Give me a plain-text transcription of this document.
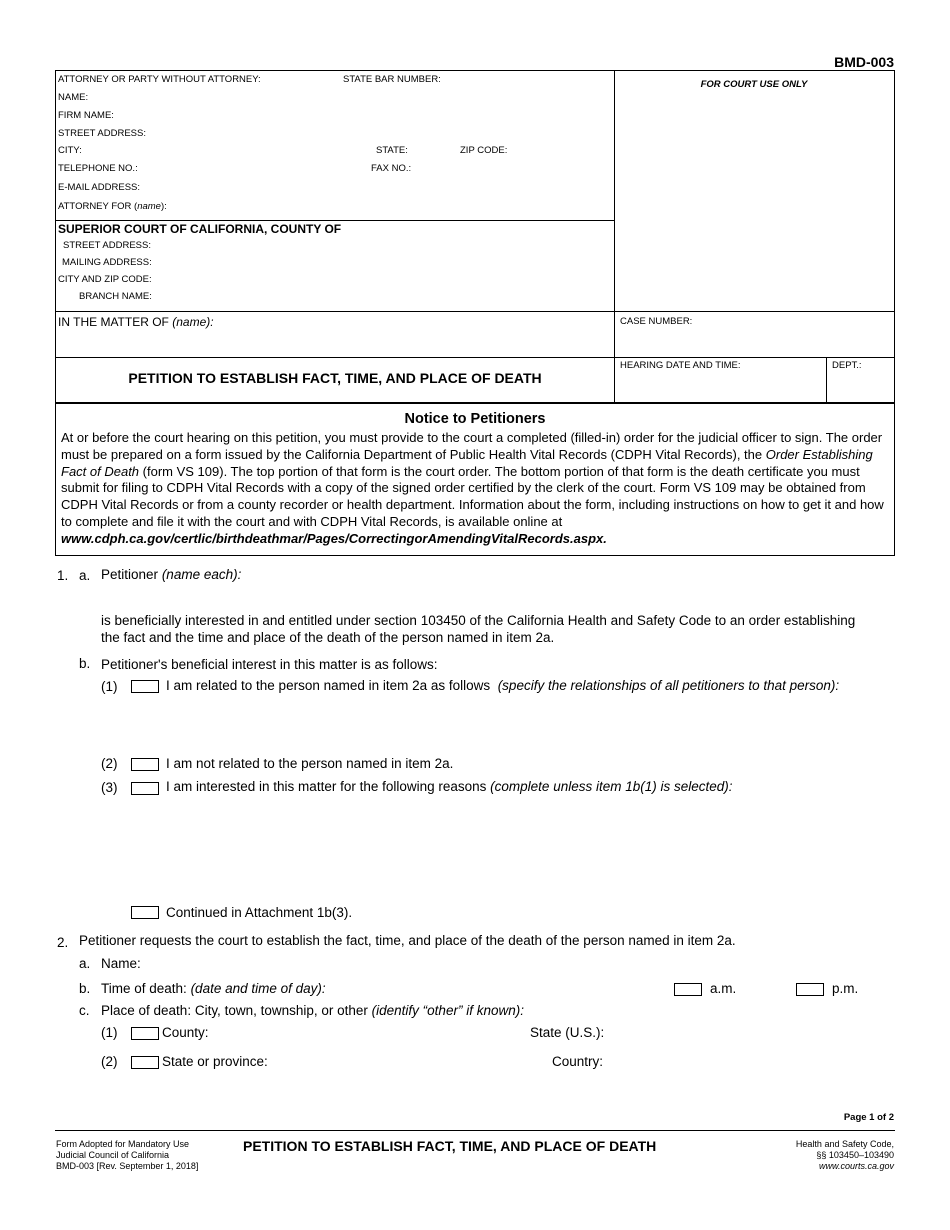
BMD-003
ATTORNEY OR PARTY WITHOUT ATTORNEY:	STATE BAR NUMBER:
NAME:
FIRM NAME:
STREET ADDRESS:
CITY:	STATE:	ZIP CODE:
TELEPHONE NO.:	FAX NO.:
E-MAIL ADDRESS:
ATTORNEY FOR (name):
FOR COURT USE ONLY
SUPERIOR COURT OF CALIFORNIA, COUNTY OF
STREET ADDRESS:
MAILING ADDRESS:
CITY AND ZIP CODE:
BRANCH NAME:
IN THE MATTER OF (name):	CASE NUMBER:
HEARING DATE AND TIME:	DEPT.:
PETITION TO ESTABLISH FACT, TIME, AND PLACE OF DEATH
Notice to Petitioners
At or before the court hearing on this petition, you must provide to the court a completed (filled-in) order for the judicial officer to sign. The order must be prepared on a form issued by the California Department of Public Health Vital Records (CDPH Vital Records), the Order Establishing Fact of Death (form VS 109). The top portion of that form is the court order. The bottom portion of that form is the death certificate you must submit for filing to CDPH Vital Records with a copy of the signed order certified by the clerk of the court. Form VS 109 may be obtained from CDPH Vital Records or from a county recorder or health department. Information about the form, including instructions on how to get it and how to complete and file it with the court and with CDPH Vital Records, is available online at www.cdph.ca.gov/certlic/birthdeathmar/Pages/CorrectingorAmendingVitalRecords.aspx.
1. a. Petitioner (name each):
is beneficially interested in and entitled under section 103450 of the California Health and Safety Code to an order establishing
the fact and the time and place of the death of the person named in item 2a.
b. Petitioner's beneficial interest in this matter is as follows:
(1)	I am related to the person named in item 2a as follows (specify the relationships of all petitioners to that person):
(2)	I am not related to the person named in item 2a.
(3)	I am interested in this matter for the following reasons (complete unless item 1b(1) is selected):
Continued in Attachment 1b(3).
2. Petitioner requests the court to establish the fact, time, and place of the death of the person named in item 2a.
a. Name:
b. Time of death: (date and time of day):	a.m.	p.m.
c. Place of death: City, town, township, or other (identify “other” if known):
(1)	County:	State (U.S.):
(2)	State or province:	Country:
Page 1 of 2
Form Adopted for Mandatory Use
Judicial Council of California
BMD-003 [Rev. September 1, 2018]
PETITION TO ESTABLISH FACT, TIME, AND PLACE OF DEATH	Health and Safety Code,
§§ 103450–103490
www.courts.ca.gov
